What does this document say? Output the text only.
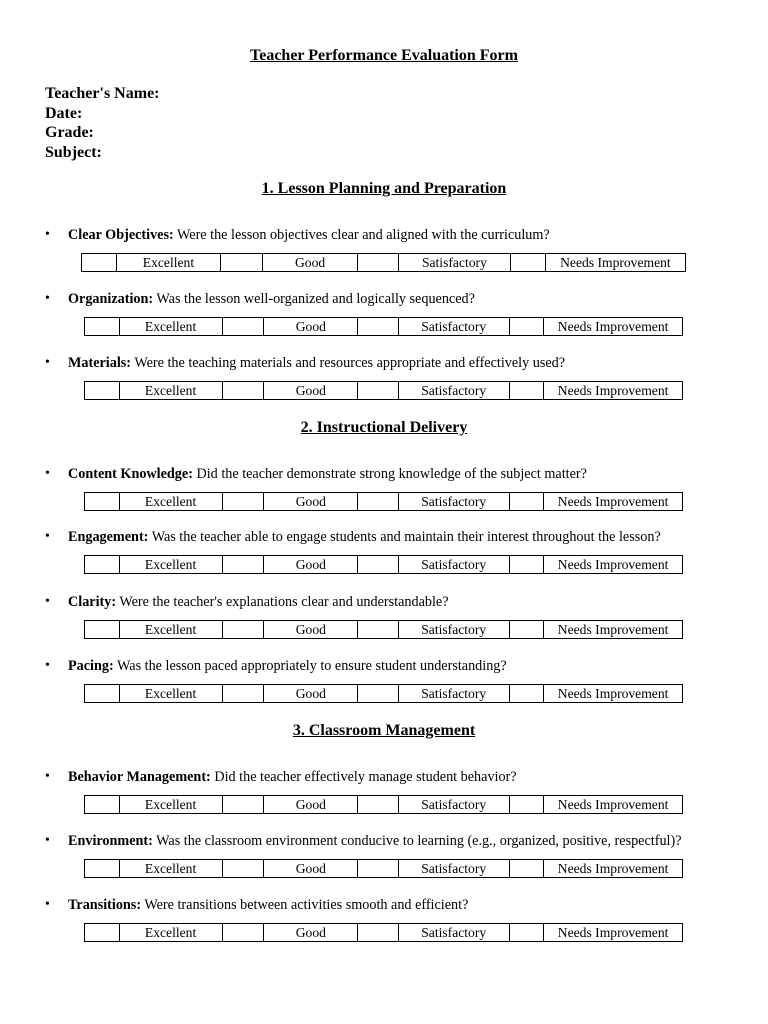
Teacher Performance Evaluation Form
Teacher's Name:
Date:
Grade:
Subject:
1. Lesson Planning and Preparation
•	Clear Objectives: Were the lesson objectives clear and aligned with the curriculum?
	Excellent		Good		Satisfactory		Needs Improvement
•	Organization: Was the lesson well-organized and logically sequenced?
	Excellent		Good		Satisfactory		Needs Improvement
•	Materials: Were the teaching materials and resources appropriate and effectively used?
	Excellent		Good		Satisfactory		Needs Improvement
2. Instructional Delivery
•	Content Knowledge: Did the teacher demonstrate strong knowledge of the subject matter?
	Excellent		Good		Satisfactory		Needs Improvement
•	Engagement: Was the teacher able to engage students and maintain their interest throughout the lesson?
	Excellent		Good		Satisfactory		Needs Improvement
•	Clarity: Were the teacher's explanations clear and understandable?
	Excellent		Good		Satisfactory		Needs Improvement
•	Pacing: Was the lesson paced appropriately to ensure student understanding?
	Excellent		Good		Satisfactory		Needs Improvement
3. Classroom Management
•	Behavior Management: Did the teacher effectively manage student behavior?
	Excellent		Good		Satisfactory		Needs Improvement
•	Environment: Was the classroom environment conducive to learning (e.g., organized, positive, respectful)?
	Excellent		Good		Satisfactory		Needs Improvement
•	Transitions: Were transitions between activities smooth and efficient?
	Excellent		Good		Satisfactory		Needs Improvement
